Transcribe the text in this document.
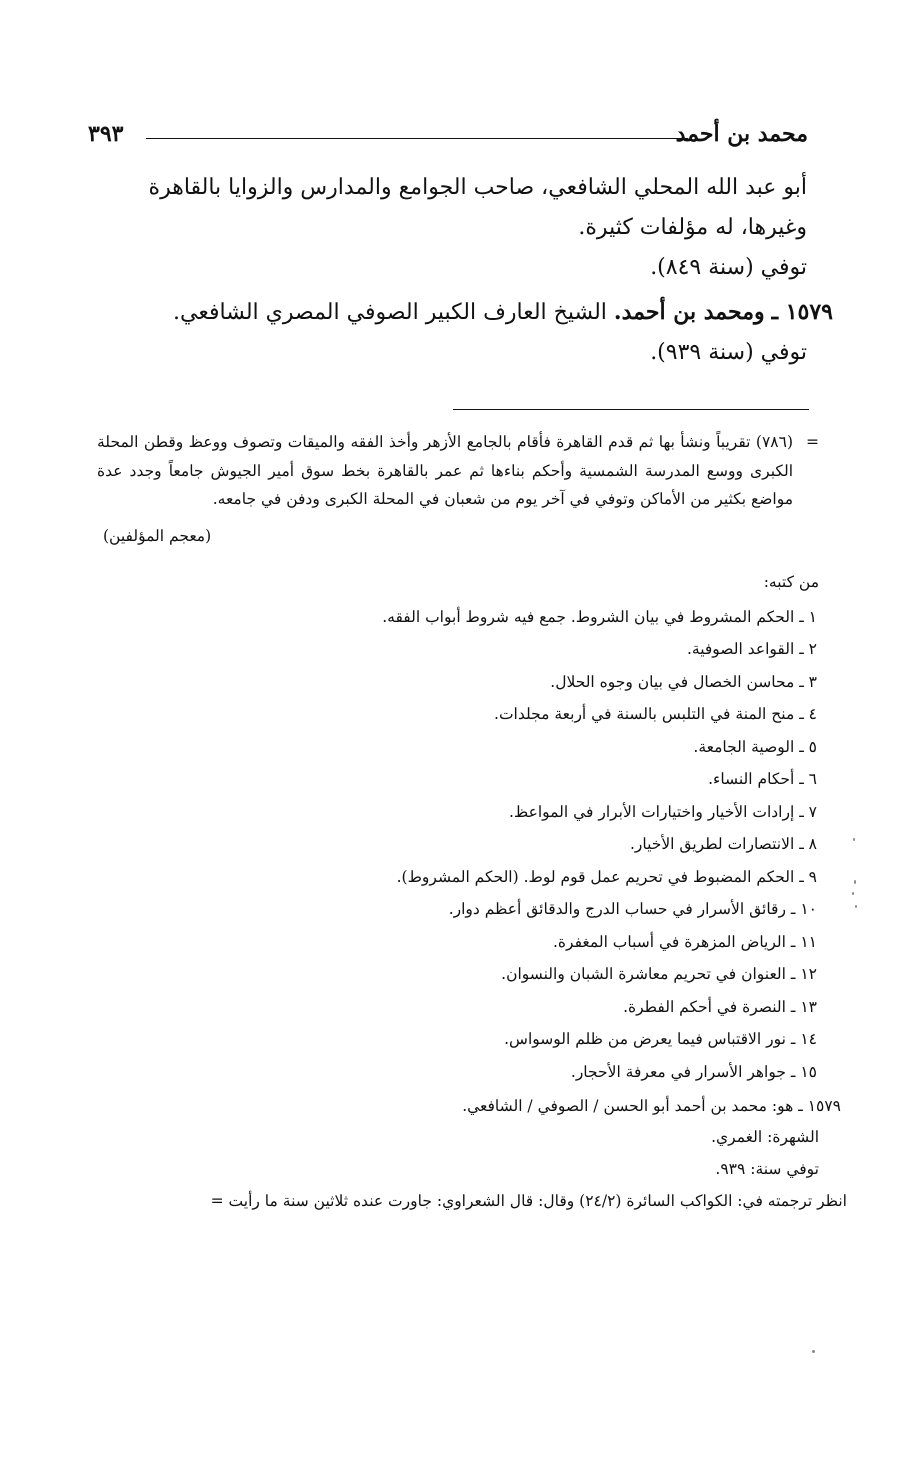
محمد بن أحمد
٣٩٣

أبو عبد الله المحلي الشافعي، صاحب الجوامع والمدارس والزوايا بالقاهرة

وغيرها، له مؤلفات كثيرة.

توفي (سنة ٨٤٩).

١٥٧٩ ـ ومحمد بن أحمد. الشيخ العارف الكبير الصوفي المصري الشافعي.

توفي (سنة ٩٣٩).

=
(٧٨٦) تقريباً ونشأ بها ثم قدم القاهرة فأقام بالجامع الأزهر وأخذ الفقه والميقات وتصوف ووعظ وقطن المحلة الكبرى ووسع المدرسة الشمسية وأحكم بناءها ثم عمر بالقاهرة بخط سوق أمير الجيوش جامعاً وجدد عدة مواضع بكثير من الأماكن وتوفي في آخر يوم من شعبان في المحلة الكبرى ودفن في جامعه.

(معجم المؤلفين)

من كتبه:

١ ـ الحكم المشروط في بيان الشروط. جمع فيه شروط أبواب الفقه.
٢ ـ القواعد الصوفية.
٣ ـ محاسن الخصال في بيان وجوه الحلال.
٤ ـ منح المنة في التلبس بالسنة في أربعة مجلدات.
٥ ـ الوصية الجامعة.
٦ ـ أحكام النساء.
٧ ـ إرادات الأخيار واختيارات الأبرار في المواعظ.
٨ ـ الانتصارات لطريق الأخيار.
٩ ـ الحكم المضبوط في تحريم عمل قوم لوط. (الحكم المشروط).
١٠ ـ رقائق الأسرار في حساب الدرج والدقائق أعظم دوار.
١١ ـ الرياض المزهرة في أسباب المغفرة.
١٢ ـ العنوان في تحريم معاشرة الشبان والنسوان.
١٣ ـ النصرة في أحكم الفطرة.
١٤ ـ نور الاقتباس فيما يعرض من ظلم الوسواس.
١٥ ـ جواهر الأسرار في معرفة الأحجار.

١٥٧٩ ـ هو: محمد بن أحمد أبو الحسن / الصوفي / الشافعي.

الشهرة: الغمري.

توفي سنة: ٩٣٩.

انظر ترجمته في: الكواكب السائرة (٢٤/٢) وقال: قال الشعراوي: جاورت عنده ثلاثين سنة ما رأيت =
